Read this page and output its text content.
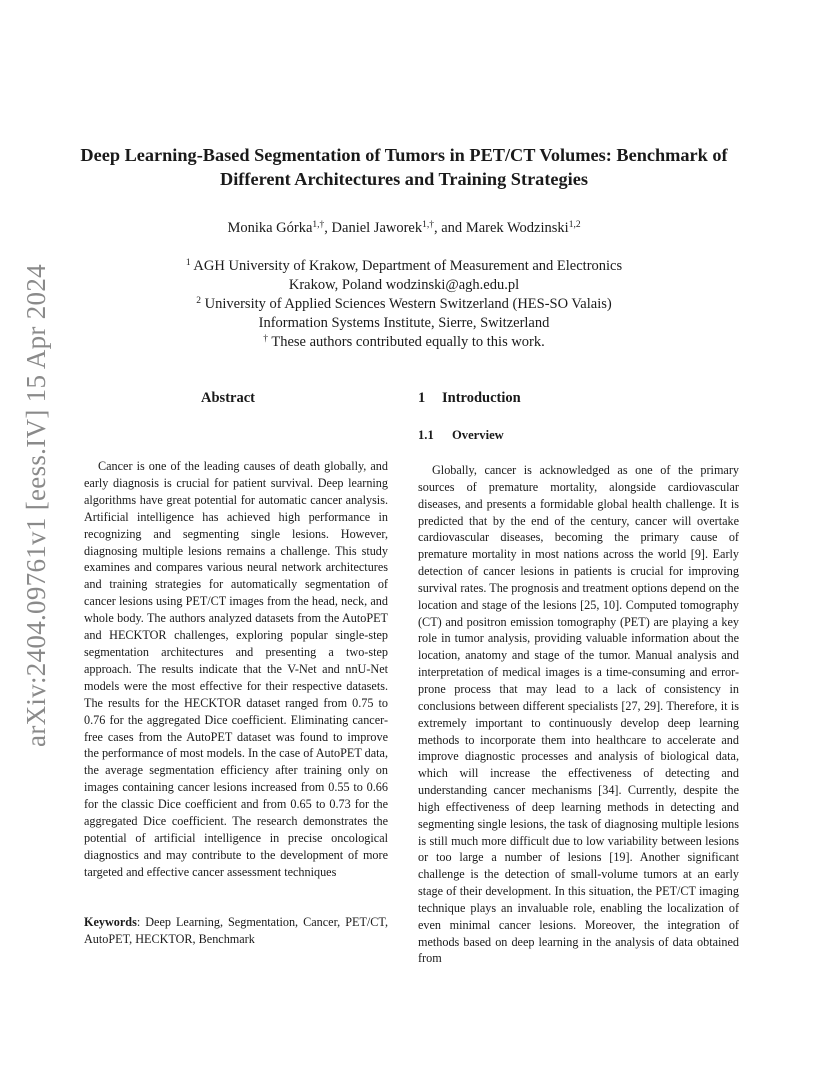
arXiv:2404.09761v1 [eess.IV] 15 Apr 2024
Deep Learning-Based Segmentation of Tumors in PET/CT Volumes: Benchmark of Different Architectures and Training Strategies
Monika Górka$^{1,\dagger}$, Daniel Jaworek$^{1,\dagger}$, and Marek Wodzinski$^{1,2}$
$^1$ AGH University of Krakow, Department of Measurement and Electronics
Krakow, Poland wodzinski@agh.edu.pl
$^2$ University of Applied Sciences Western Switzerland (HES-SO Valais)
Information Systems Institute, Sierre, Switzerland
† These authors contributed equally to this work.
Abstract

Cancer is one of the leading causes of death globally, and early diagnosis is crucial for patient survival. Deep learning algorithms have great potential for automatic cancer analysis. Artificial intelligence has achieved high performance in recognizing and segmenting single lesions. However, diagnosing multiple lesions remains a challenge. This study examines and compares various neural network architectures and training strategies for automatically segmentation of cancer lesions using PET/CT images from the head, neck, and whole body. The authors analyzed datasets from the AutoPET and HECKTOR challenges, exploring popular single-step segmentation architectures and presenting a two-step approach. The results indicate that the V-Net and nnU-Net models were the most effective for their respective datasets. The results for the HECKTOR dataset ranged from 0.75 to 0.76 for the aggregated Dice coefficient. Eliminating cancer-free cases from the AutoPET dataset was found to improve the performance of most models. In the case of AutoPET data, the average segmentation efficiency after training only on images containing cancer lesions increased from 0.55 to 0.66 for the classic Dice coefficient and from 0.65 to 0.73 for the aggregated Dice coefficient. The research demonstrates the potential of artificial intelligence in precise oncological diagnostics and may contribute to the development of more targeted and effective cancer assessment techniques

Keywords: Deep Learning, Segmentation, Cancer, PET/CT, AutoPET, HECKTOR, Benchmark

1 Introduction
1.1 Overview

Globally, cancer is acknowledged as one of the primary sources of premature mortality, alongside cardiovascular diseases, and presents a formidable global health challenge. It is predicted that by the end of the century, cancer will overtake cardiovascular diseases, becoming the primary cause of premature mortality in most nations across the world [9]. Early detection of cancer lesions in patients is crucial for improving survival rates. The prognosis and treatment options depend on the location and stage of the lesions [25, 10]. Computed tomography (CT) and positron emission tomography (PET) are playing a key role in tumor analysis, providing valuable information about the location, anatomy and stage of the tumor. Manual analysis and interpretation of medical images is a time-consuming and error-prone process that may lead to a lack of consistency in conclusions between different specialists [27, 29]. Therefore, it is extremely important to continuously develop deep learning methods to incorporate them into healthcare to accelerate and improve diagnostic processes and analysis of biological data, which will increase the effectiveness of detecting and understanding cancer mechanisms [34]. Currently, despite the high effectiveness of deep learning methods in detecting and segmenting single lesions, the task of diagnosing multiple lesions is still much more difficult due to low variability between lesions or too large a number of lesions [19]. Another significant challenge is the detection of small-volume tumors at an early stage of their development. In this situation, the PET/CT imaging technique plays an invaluable role, enabling the localization of even minimal cancer lesions. Moreover, the integration of methods based on deep learning in the analysis of data obtained from
